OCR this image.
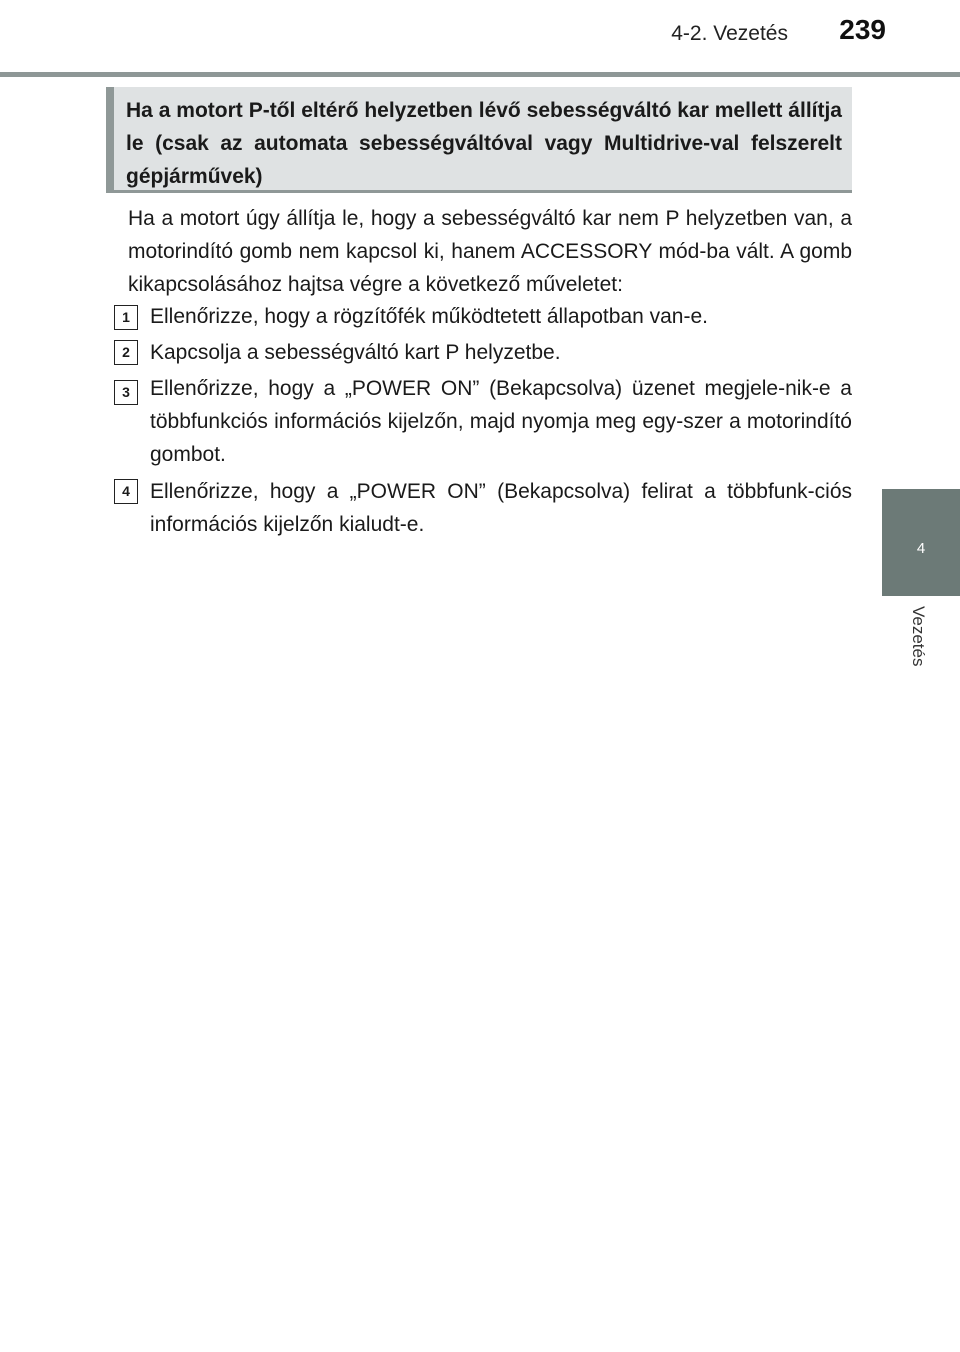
4-2. Vezetés	239
4
Vezetés

Ha a motort P-től eltérő helyzetben lévő sebességváltó kar mellett állítja le (csak az automata sebességváltóval vagy Multidrive-val felszerelt gépjárművek)

Ha a motort úgy állítja le, hogy a sebességváltó kar nem P helyzetben van, a motorindító gomb nem kapcsol ki, hanem ACCESSORY mód-ba vált. A gomb kikapcsolásához hajtsa végre a következő műveletet:

1 Ellenőrizze, hogy a rögzítőfék működtetett állapotban van-e.

2 Kapcsolja a sebességváltó kart P helyzetbe.

3 Ellenőrizze, hogy a „POWER ON” (Bekapcsolva) üzenet megjele-nik-e a többfunkciós információs kijelzőn, majd nyomja meg egy-szer a motorindító gombot.

4 Ellenőrizze, hogy a „POWER ON” (Bekapcsolva) felirat a többfunk-ciós információs kijelzőn kialudt-e.
